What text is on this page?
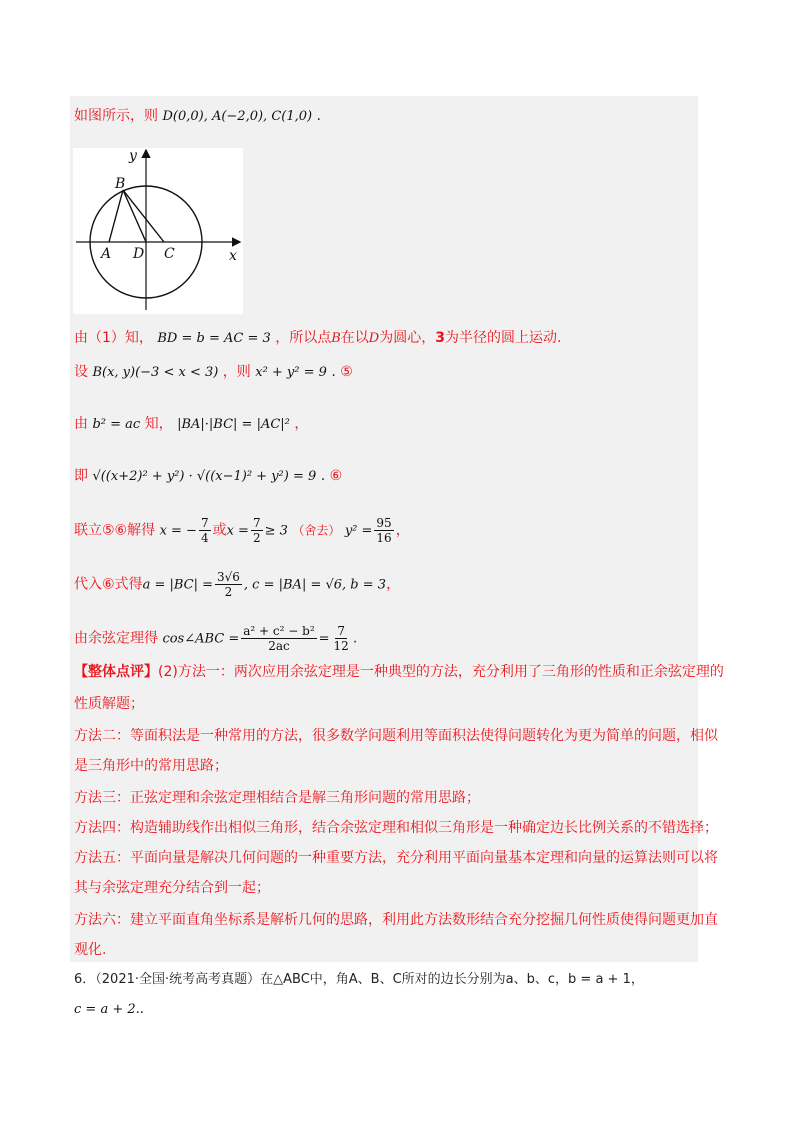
如图所示，则 D(0,0), A(−2,0), C(1,0) .
y
x
B
A D C
由（1）知， BD = b = AC = 3 ，所以点B在以D为圆心，3为半径的圆上运动.
设 B(x, y)(−3 < x < 3) ，则 x² + y² = 9 . ⑤
由 b² = ac 知， |BA|·|BC| = |AC|² ，
即 √((x+2)² + y²) · √((x−1)² + y²) = 9 . ⑥
联立⑤⑥解得 x = − $\frac{7}{4}$ 或$x = \frac{7}{2} \ge 3$ （舍去） $y^2 = \frac{95}{16}$ ，
代入⑥式得$a = |BC| = \frac{3√6}{2}$ , c = |BA| = √6, b = 3，
由余弦定理得 cos∠ABC = $\frac{\text{a² + c² − b²}}{2ac} = \frac{7}{12}$ .
【整体点评】(2)方法一：两次应用余弦定理是一种典型的方法，充分利用了三角形的性质和正余弦定理的
性质解题；
方法二：等面积法是一种常用的方法，很多数学问题利用等面积法使得问题转化为更为简单的问题，相似
是三角形中的常用思路；
方法三：正弦定理和余弦定理相结合是解三角形问题的常用思路；
方法四：构造辅助线作出相似三角形，结合余弦定理和相似三角形是一种确定边长比例关系的不错选择；
方法五：平面向量是解决几何问题的一种重要方法，充分利用平面向量基本定理和向量的运算法则可以将
其与余弦定理充分结合到一起；
方法六：建立平面直角坐标系是解析几何的思路，利用此方法数形结合充分挖掘几何性质使得问题更加直
观化.
6．（2021·全国·统考高考真题）在△ABC中，角A、B、C所对的边长分别为a、b、c，b = a + 1，
c = a + 2..
